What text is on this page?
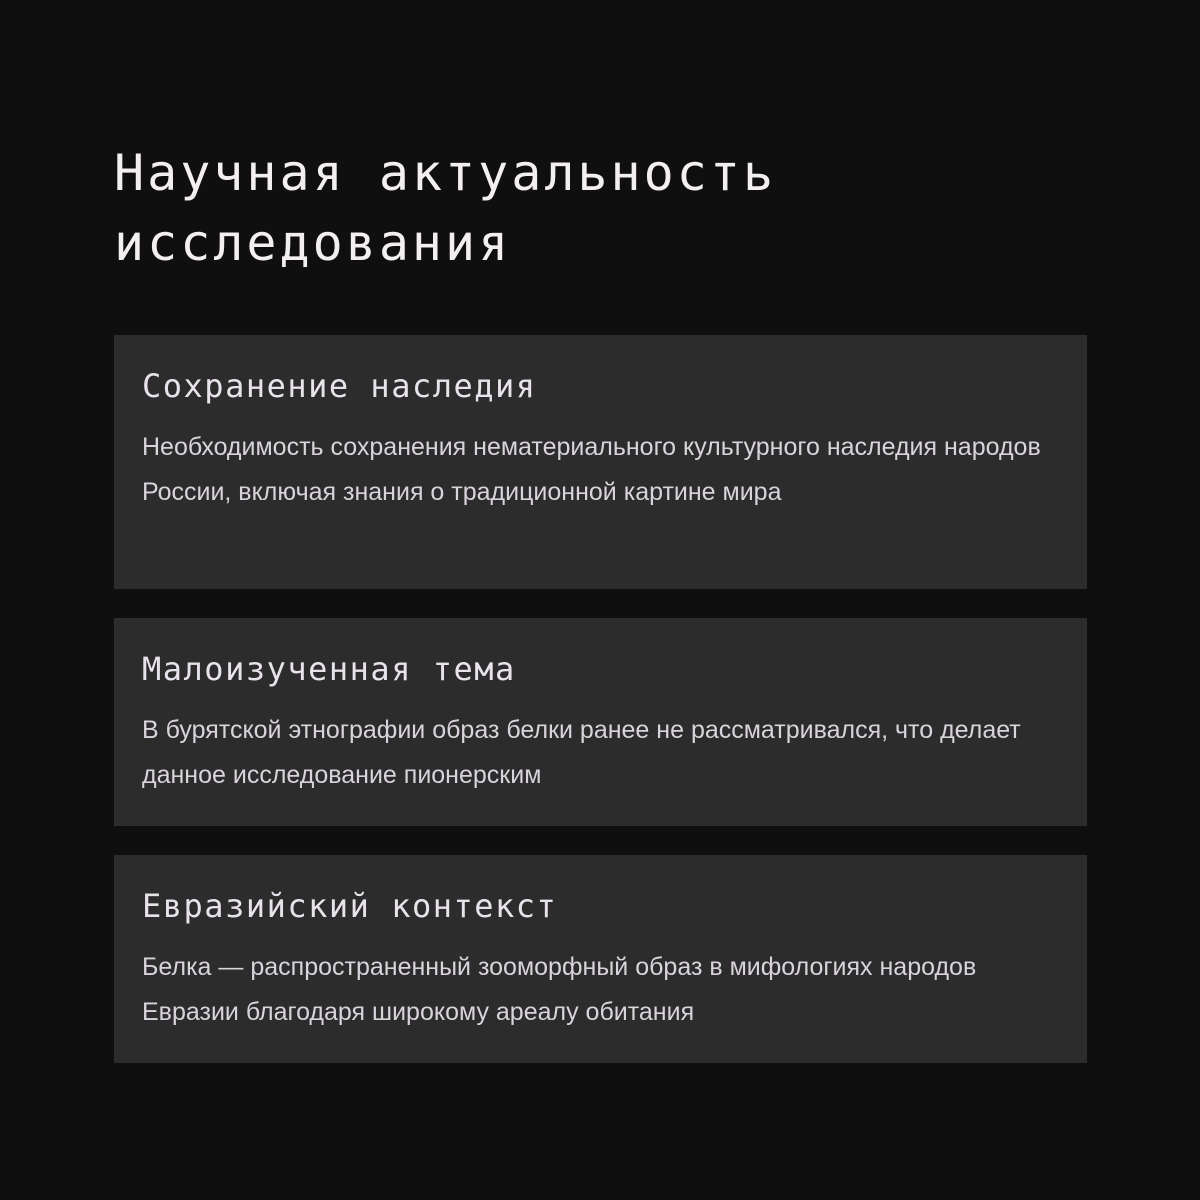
Научная актуальность исследования
Сохранение наследия

Необходимость сохранения нематериального культурного наследия народов России, включая знания о традиционной картине мира

Малоизученная тема

В бурятской этнографии образ белки ранее не рассматривался, что делает данное исследование пионерским

Евразийский контекст

Белка — распространенный зооморфный образ в мифологиях народов Евразии благодаря широкому ареалу обитания
